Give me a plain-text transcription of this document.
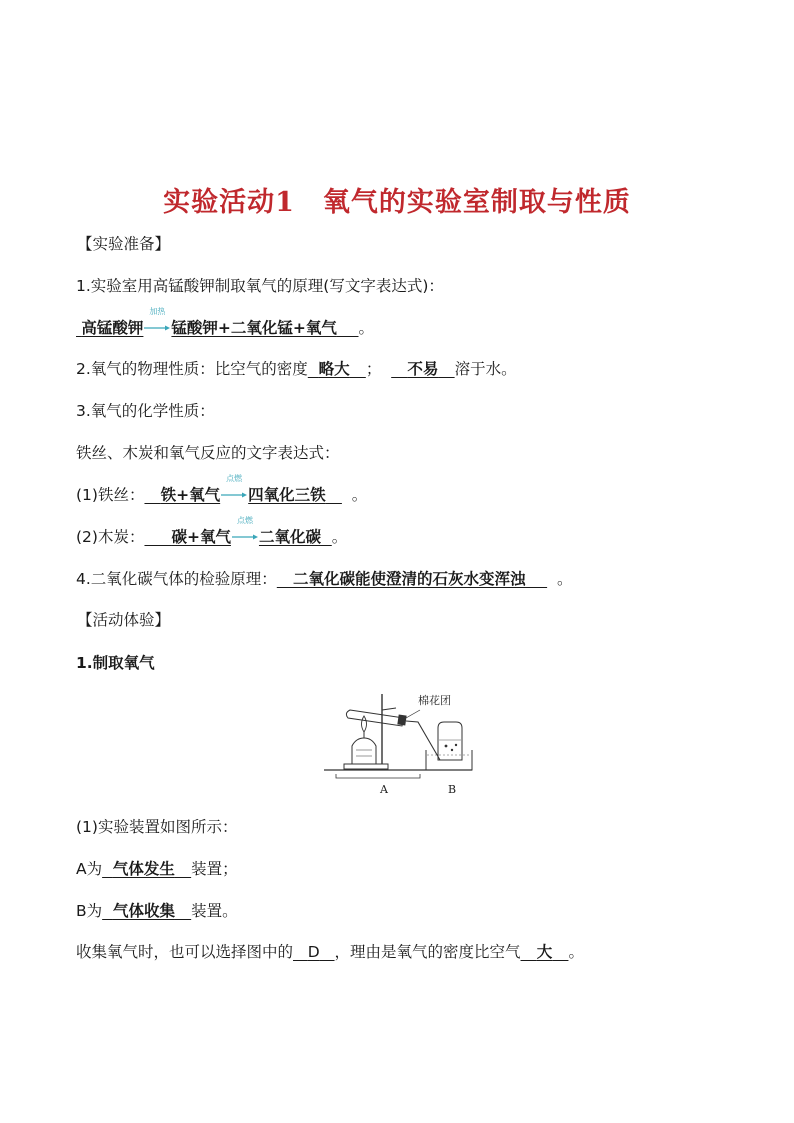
实验活动1　氧气的实验室制取与性质
【实验准备】
1.实验室用高锰酸钾制取氧气的原理(写文字表达式)：
高锰酸钾
加热
锰酸钾+二氧化锰+氧气 。
2.氧气的物理性质：比空气的密度 略大 ； 不易 溶于水。
3.氧气的化学性质：
铁丝、木炭和氧气反应的文字表达式：
(1)铁丝： 铁+氧气
点燃
四氧化三铁 。
(2)木炭： 碳+氧气
点燃
二氧化碳 。
4.二氧化碳气体的检验原理： 二氧化碳能使澄清的石灰水变浑浊 。
【活动体验】
1.制取氧气
棉花团
A	B
(1)实验装置如图所示：
A为 气体发生 装置；
B为 气体收集 装置。
收集氧气时，也可以选择图中的 D ，理由是氧气的密度比空气 大 。
